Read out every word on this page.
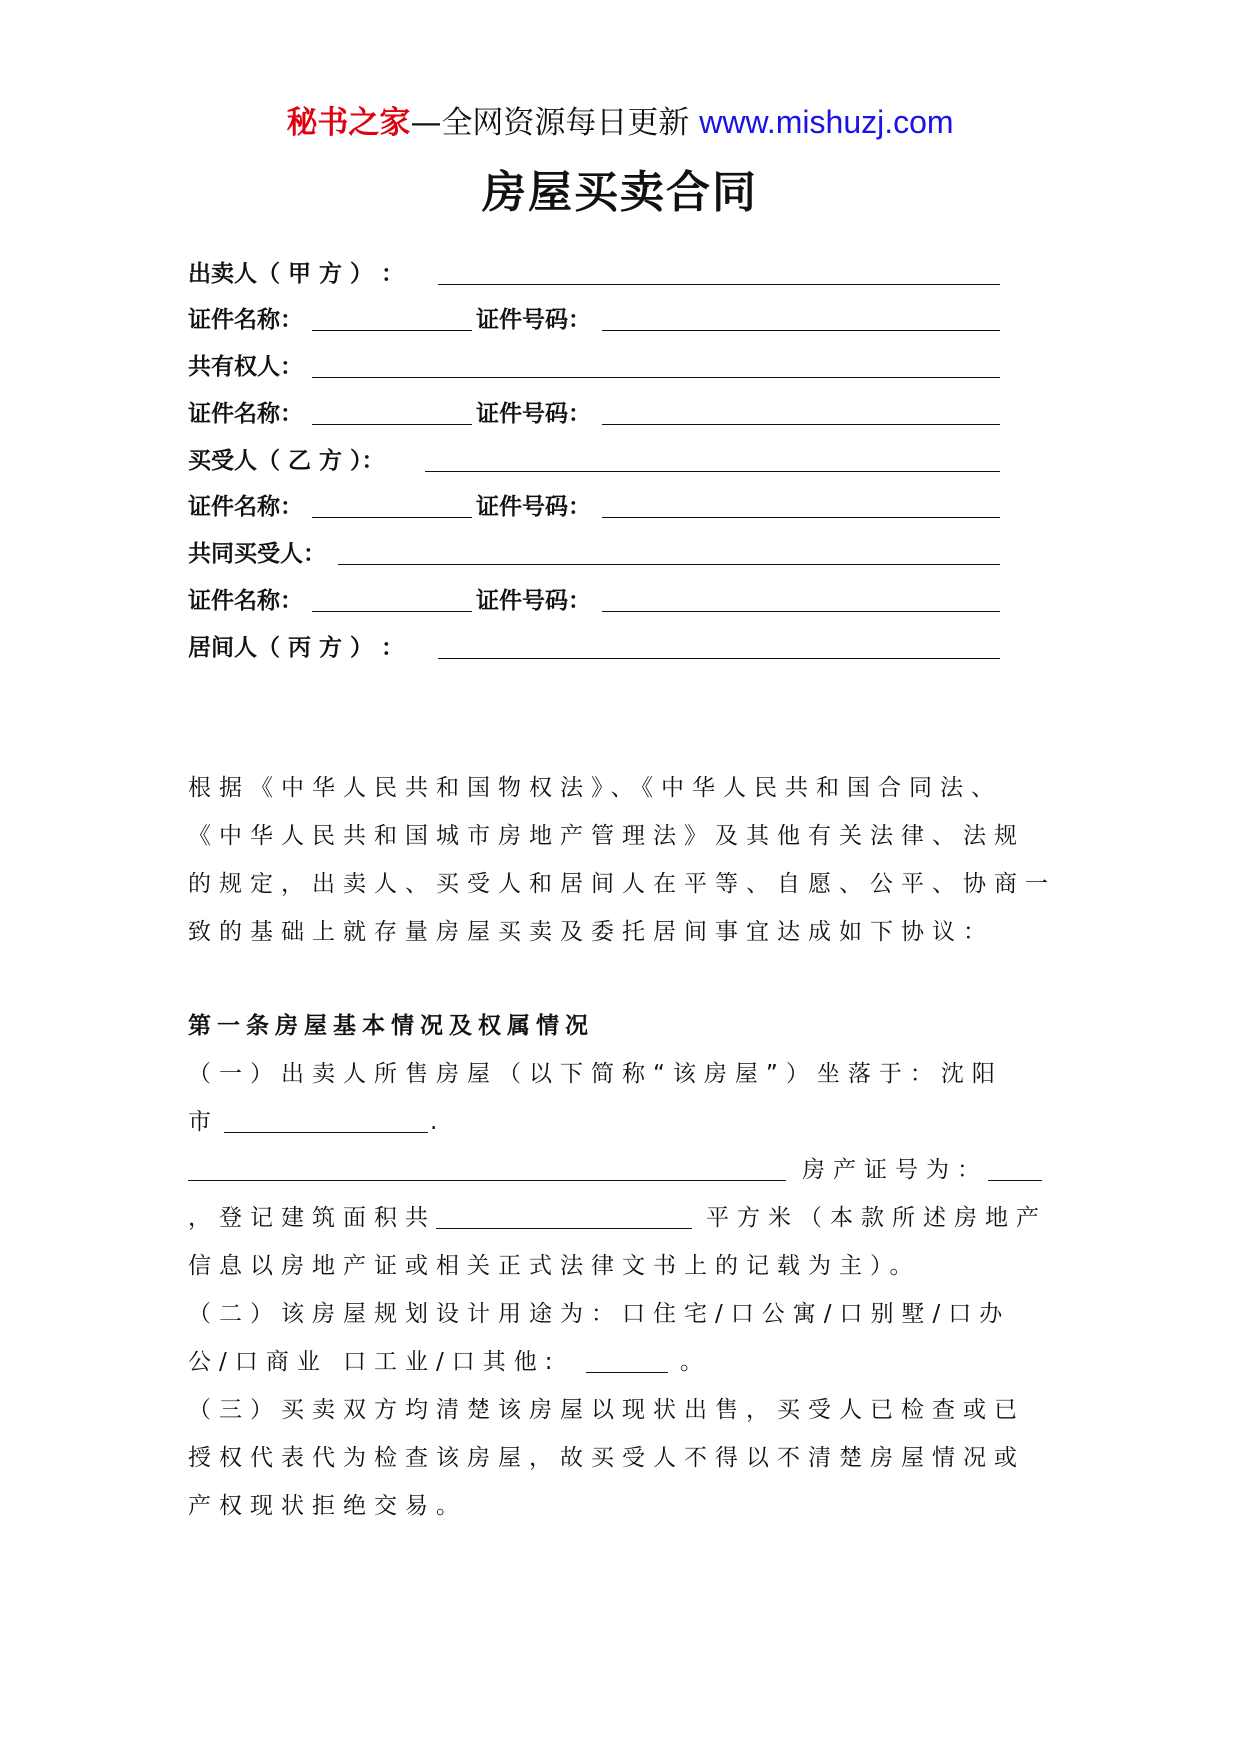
秘书之家—全网资源每日更新 www.mishuzj.com
房屋买卖合同
出卖人（ 甲 方 ） ：
证件名称：	证件号码：
共有权人：
证件名称：	证件号码：
买受人（ 乙 方 ）：
证件名称：	证件号码：
共同买受人：
证件名称：	证件号码：
居间人（ 丙 方 ） ：
根据《中华人民共和国物权法》、《中华人民共和国合同法、
《中华人民共和国城市房地产管理法》及其他有关法律、法规
的规定，出卖人、买受人和居间人在平等、自愿、公平、协商一
致的基础上就存量房屋买卖及委托居间事宜达成如下协议：
第一条房屋基本情况及权属情况
（一）出卖人所售房屋（以下简称“该房屋”）坐落于：沈阳
市	.
房产证号为：
，登记建筑面积共	平方米（本款所述房地产
信息以房地产证或相关正式法律文书上的记载为主）。
（二）该房屋规划设计用途为：口住宅/口公寓/口别墅/口办
公/口商业 口工业/口其他:	。
（三）买卖双方均清楚该房屋以现状出售，买受人已检查或已
授权代表代为检查该房屋，故买受人不得以不清楚房屋情况或
产权现状拒绝交易。
